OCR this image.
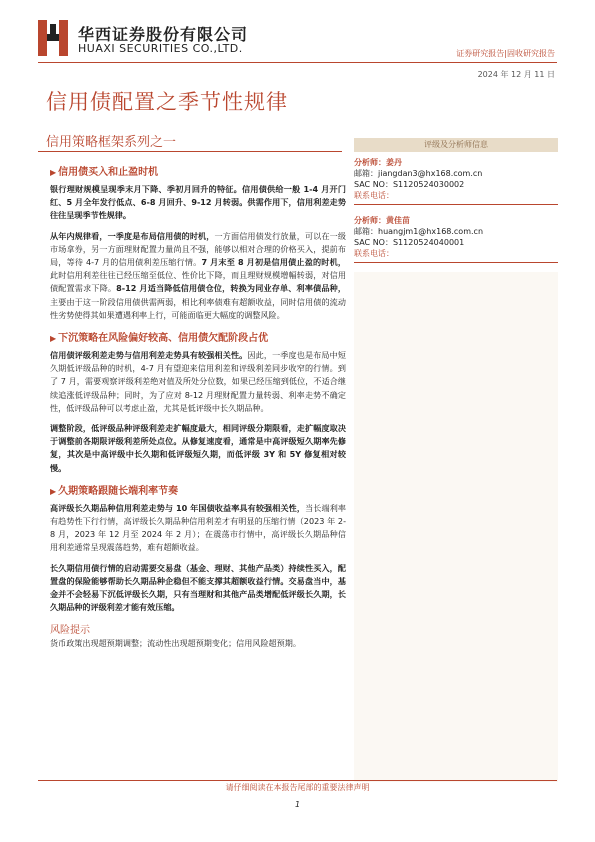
华西证券股份有限公司
HUAXI SECURITIES CO.,LTD.	证券研究报告|固收研究报告
2024 年 12 月 11 日
信用债配置之季节性规律
信用策略框架系列之一
▶ 信用债买入和止盈时机

银行理财规模呈现季末月下降、季初月回升的特征。信用债供给一般 1-4 月开门红、5 月全年发行低点、6-8 月回升、9-12 月转弱。供需作用下，信用利差走势往往呈现季节性规律。

从年内规律看，一季度是布局信用债的时机，一方面信用债发行放量，可以在一级市场拿券，另一方面理财配置力量尚且不强，能够以相对合理的价格买入，提前布局，等待 4-7 月的信用债利差压缩行情。7 月末至 8 月初是信用债止盈的时机，此时信用利差往往已经压缩至低位、性价比下降，而且理财规模增幅转弱，对信用债配置需求下降。8-12 月适当降低信用债仓位，转换为同业存单、利率债品种，主要由于这一阶段信用债供需两弱，相比利率债难有超额收益，同时信用债的流动性劣势使得其如果遭遇利率上行，可能面临更大幅度的调整风险。

▶ 下沉策略在风险偏好较高、信用债欠配阶段占优

信用债评级利差走势与信用利差走势具有较强相关性。因此，一季度也是布局中短久期低评级品种的时机，4-7 月有望迎来信用利差和评级利差同步收窄的行情。到了 7 月，需要观察评级利差绝对值及所处分位数，如果已经压缩到低位，不适合继续追涨低评级品种；同时，为了应对 8-12 月理财配置力量转弱、利率走势不确定性，低评级品种可以考虑止盈，尤其是低评级中长久期品种。

调整阶段，低评级品种评级利差走扩幅度最大，相同评级分期限看，走扩幅度取决于调整前各期限评级利差所处点位。从修复速度看，通常是中高评级短久期率先修复，其次是中高评级中长久期和低评级短久期，而低评级 3Y 和 5Y 修复相对较慢。

▶ 久期策略跟随长端利率节奏

高评级长久期品种信用利差走势与 10 年国债收益率具有较强相关性，当长端利率有趋势性下行行情，高评级长久期品种信用利差才有明显的压缩行情（2023 年 2-8 月，2023 年 12 月至 2024 年 2 月）；在震荡市行情中，高评级长久期品种信用利差通常呈现震荡趋势，难有超额收益。

长久期信用债行情的启动需要交易盘（基金、理财、其他产品类）持续性买入，配置盘的保险能够帮助长久期品种企稳但不能支撑其超额收益行情。交易盘当中，基金并不会轻易下沉低评级长久期，只有当理财和其他产品类增配低评级长久期，长久期品种的评级利差才能有效压缩。

风险提示

货币政策出现超预期调整；流动性出现超预期变化；信用风险超预期。

评级及分析师信息
分析师：姜丹
邮箱：jiangdan3@hx168.com.cn
SAC NO：S1120524030002
联系电话：
分析师：黄佳苗
邮箱：huangjm1@hx168.com.cn
SAC NO：S1120524040001
联系电话：
请仔细阅读在本报告尾部的重要法律声明
1
